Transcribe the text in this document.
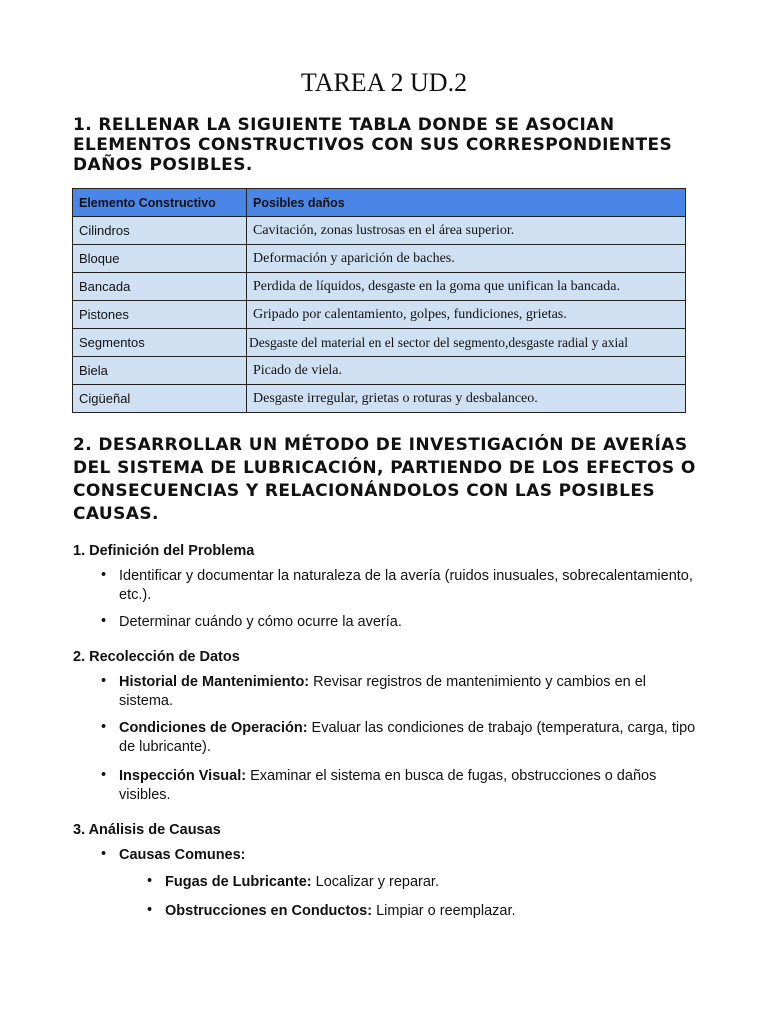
TAREA 2 UD.2
1. RELLENAR LA SIGUIENTE TABLA DONDE SE ASOCIAN ELEMENTOS CONSTRUCTIVOS CON SUS CORRESPONDIENTES DAÑOS POSIBLES.
Elemento Constructivo	Posibles daños
Cilindros	Cavitación, zonas lustrosas en el área superior.
Bloque	Deformación y aparición de baches.
Bancada	Perdida de líquidos, desgaste en la goma que unifican la bancada.
Pistones	Gripado por calentamiento, golpes, fundiciones, grietas.
Segmentos	Desgaste del material en el sector del segmento,desgaste radial y axial
Biela	Picado de viela.
Cigüeñal	Desgaste irregular, grietas o roturas y desbalanceo.
2. DESARROLLAR UN MÉTODO DE INVESTIGACIÓN DE AVERÍAS DEL SISTEMA DE LUBRICACIÓN, PARTIENDO DE LOS EFECTOS O CONSECUENCIAS Y RELACIONÁNDOLOS CON LAS POSIBLES CAUSAS.
1. Definición del Problema
• Identificar y documentar la naturaleza de la avería (ruidos inusuales, sobrecalentamiento, etc.).
• Determinar cuándo y cómo ocurre la avería.
2. Recolección de Datos
• Historial de Mantenimiento: Revisar registros de mantenimiento y cambios en el sistema.
• Condiciones de Operación: Evaluar las condiciones de trabajo (temperatura, carga, tipo de lubricante).
• Inspección Visual: Examinar el sistema en busca de fugas, obstrucciones o daños visibles.
3. Análisis de Causas
• Causas Comunes:
• Fugas de Lubricante: Localizar y reparar.
• Obstrucciones en Conductos: Limpiar o reemplazar.
